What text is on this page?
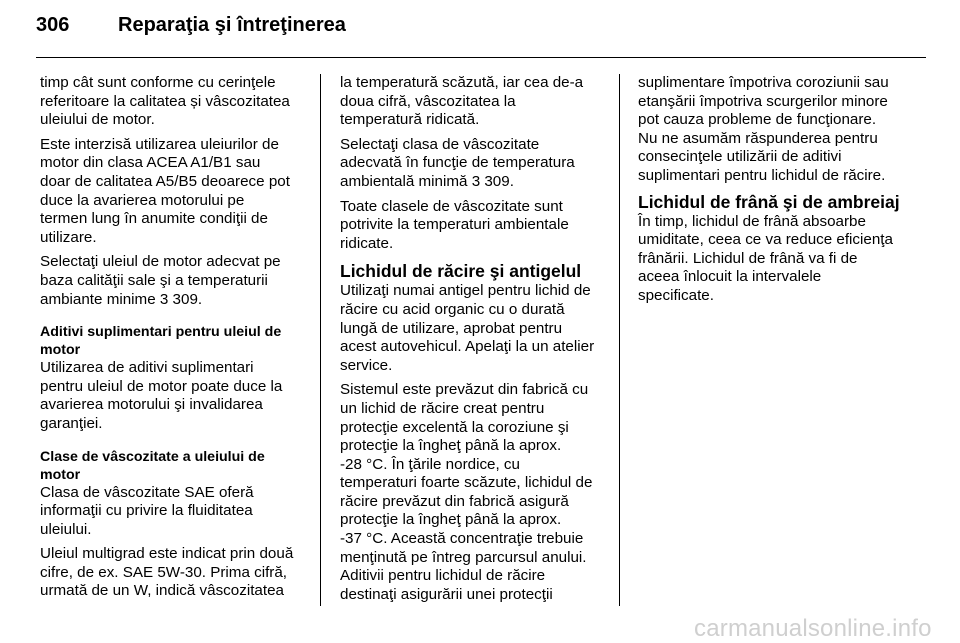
306 Reparaţia şi întreţinerea

timp cât sunt conforme cu cerinţele
referitoare la calitatea și vâscozitatea
uleiului de motor.

Este interzisă utilizarea uleiurilor de
motor din clasa ACEA A1/B1 sau
doar de calitatea A5/B5 deoarece pot
duce la avarierea motorului pe
termen lung în anumite condiţii de
utilizare.

Selectaţi uleiul de motor adecvat pe
baza calităţii sale şi a temperaturii
ambiante minime 3 309.

Aditivi suplimentari pentru uleiul de
motor

Utilizarea de aditivi suplimentari
pentru uleiul de motor poate duce la
avarierea motorului şi invalidarea
garanţiei.

Clase de vâscozitate a uleiului de
motor

Clasa de vâscozitate SAE oferă
informaţii cu privire la fluiditatea
uleiului.

Uleiul multigrad este indicat prin două
cifre, de ex. SAE 5W-30. Prima cifră,
urmată de un W, indică vâscozitatea

la temperatură scăzută, iar cea de-a
doua cifră, vâscozitatea la
temperatură ridicată.

Selectaţi clasa de vâscozitate
adecvată în funcţie de temperatura
ambientală minimă 3 309.

Toate clasele de vâscozitate sunt
potrivite la temperaturi ambientale
ridicate.

Lichidul de răcire şi antigelul

Utilizaţi numai antigel pentru lichid de
răcire cu acid organic cu o durată
lungă de utilizare, aprobat pentru
acest autovehicul. Apelaţi la un atelier
service.

Sistemul este prevăzut din fabrică cu
un lichid de răcire creat pentru
protecţie excelentă la coroziune şi
protecţie la îngheţ până la aprox.
-28 °C. În ţările nordice, cu
temperaturi foarte scăzute, lichidul de
răcire prevăzut din fabrică asigură
protecţie la îngheţ până la aprox.
-37 °C. Această concentraţie trebuie
menţinută pe întreg parcursul anului.
Aditivii pentru lichidul de răcire
destinaţi asigurării unei protecţii

suplimentare împotriva coroziunii sau
etanşării împotriva scurgerilor minore
pot cauza probleme de funcţionare.
Nu ne asumăm răspunderea pentru
consecinţele utilizării de aditivi
suplimentari pentru lichidul de răcire.

Lichidul de frână şi de ambreiaj

În timp, lichidul de frână absoarbe
umiditate, ceea ce va reduce eficienţa
frânării. Lichidul de frână va fi de
aceea înlocuit la intervalele
specificate.

carmanualsonline.info
